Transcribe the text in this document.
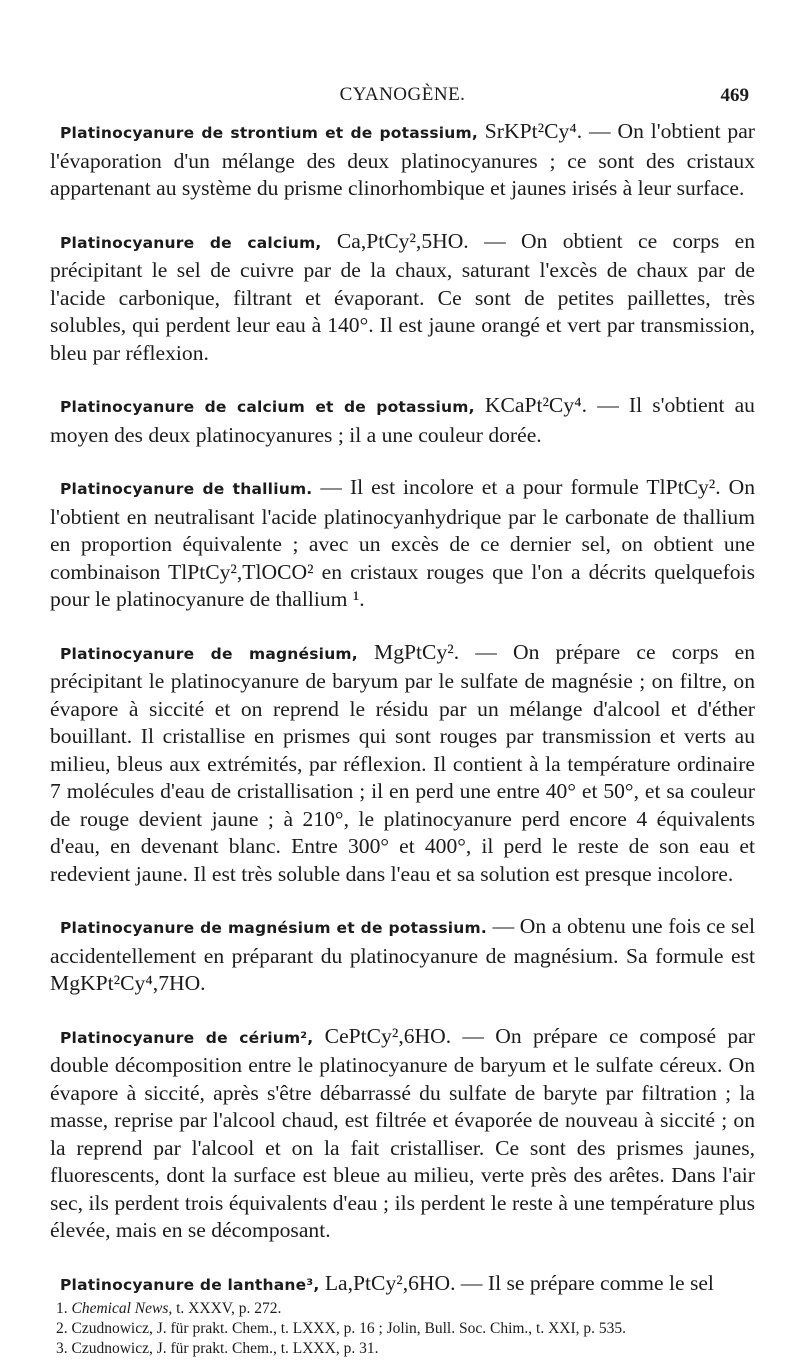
CYANOGÈNE.	469

Platinocyanure de strontium et de potassium, SrKPt²Cy⁴. — On l'obtient par l'évaporation d'un mélange des deux platinocyanures ; ce sont des cristaux appartenant au système du prisme clinorhombique et jaunes irisés à leur surface.

Platinocyanure de calcium, Ca,PtCy²,5HO. — On obtient ce corps en précipitant le sel de cuivre par de la chaux, saturant l'excès de chaux par de l'acide carbonique, filtrant et évaporant. Ce sont de petites paillettes, très solubles, qui perdent leur eau à 140°. Il est jaune orangé et vert par transmission, bleu par réflexion.

Platinocyanure de calcium et de potassium, KCaPt²Cy⁴. — Il s'obtient au moyen des deux platinocyanures ; il a une couleur dorée.

Platinocyanure de thallium. — Il est incolore et a pour formule TlPtCy². On l'obtient en neutralisant l'acide platinocyanhydrique par le carbonate de thallium en proportion équivalente ; avec un excès de ce dernier sel, on obtient une combinaison TlPtCy²,TlOCO² en cristaux rouges que l'on a décrits quelquefois pour le platinocyanure de thallium ¹.

Platinocyanure de magnésium, MgPtCy². — On prépare ce corps en précipitant le platinocyanure de baryum par le sulfate de magnésie ; on filtre, on évapore à siccité et on reprend le résidu par un mélange d'alcool et d'éther bouillant. Il cristallise en prismes qui sont rouges par transmission et verts au milieu, bleus aux extrémités, par réflexion. Il contient à la température ordinaire 7 molécules d'eau de cristallisation ; il en perd une entre 40° et 50°, et sa couleur de rouge devient jaune ; à 210°, le platinocyanure perd encore 4 équivalents d'eau, en devenant blanc. Entre 300° et 400°, il perd le reste de son eau et redevient jaune. Il est très soluble dans l'eau et sa solution est presque incolore.

Platinocyanure de magnésium et de potassium. — On a obtenu une fois ce sel accidentellement en préparant du platinocyanure de magnésium. Sa formule est MgKPt²Cy⁴,7HO.

Platinocyanure de cérium², CePtCy²,6HO. — On prépare ce composé par double décomposition entre le platinocyanure de baryum et le sulfate céreux. On évapore à siccité, après s'être débarrassé du sulfate de baryte par filtration ; la masse, reprise par l'alcool chaud, est filtrée et évaporée de nouveau à siccité ; on la reprend par l'alcool et on la fait cristalliser. Ce sont des prismes jaunes, fluorescents, dont la surface est bleue au milieu, verte près des arêtes. Dans l'air sec, ils perdent trois équivalents d'eau ; ils perdent le reste à une température plus élevée, mais en se décomposant.

Platinocyanure de lanthane³, La,PtCy²,6HO. — Il se prépare comme le sel

1. Chemical News, t. XXXV, p. 272.
2. Czudnowicz, J. für prakt. Chem., t. LXXX, p. 16 ; Jolin, Bull. Soc. Chim., t. XXI, p. 535.
3. Czudnowicz, J. für prakt. Chem., t. LXXX, p. 31.
